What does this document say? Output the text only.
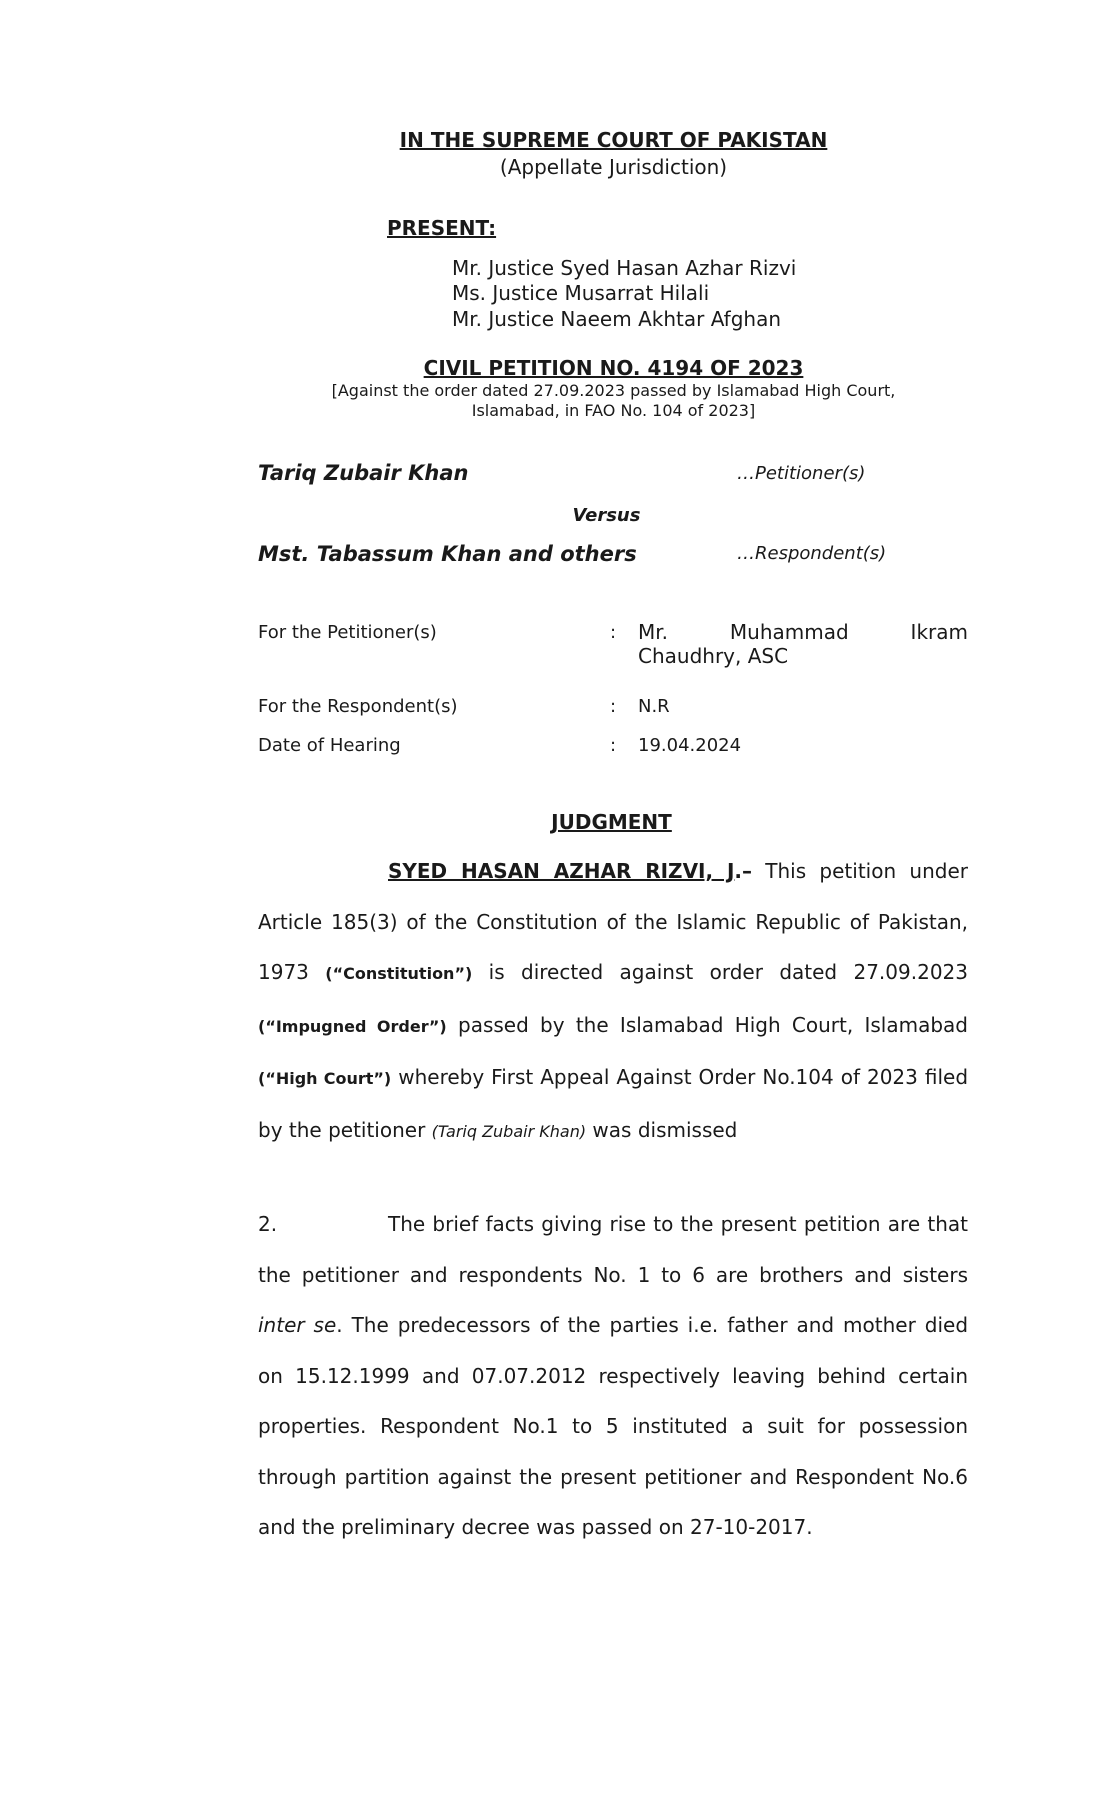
IN THE SUPREME COURT OF PAKISTAN
(Appellate Jurisdiction)
PRESENT:
Mr. Justice Syed Hasan Azhar Rizvi
Ms. Justice Musarrat Hilali
Mr. Justice Naeem Akhtar Afghan
CIVIL PETITION NO. 4194 OF 2023
[Against the order dated 27.09.2023 passed by Islamabad High Court,
Islamabad, in FAO No. 104 of 2023]
Tariq Zubair Khan	…Petitioner(s)
Versus
Mst. Tabassum Khan and others	…Respondent(s)
For the Petitioner(s)	: Mr. Muhammad Ikram
Chaudhry, ASC
For the Respondent(s)	: N.R
Date of Hearing	: 19.04.2024
JUDGMENT
SYED HASAN AZHAR RIZVI, J.– This petition under Article 185(3) of the Constitution of the Islamic Republic of Pakistan, 1973 (“Constitution”) is directed against order dated 27.09.2023 (“Impugned Order”) passed by the Islamabad High Court, Islamabad (“High Court”) whereby First Appeal Against Order No.104 of 2023 filed by the petitioner (Tariq Zubair Khan) was dismissed
2.	The brief facts giving rise to the present petition are that the petitioner and respondents No. 1 to 6 are brothers and sisters inter se. The predecessors of the parties i.e. father and mother died on 15.12.1999 and 07.07.2012 respectively leaving behind certain properties. Respondent No.1 to 5 instituted a suit for possession through partition against the present petitioner and Respondent No.6 and the preliminary decree was passed on 27-10-2017.
